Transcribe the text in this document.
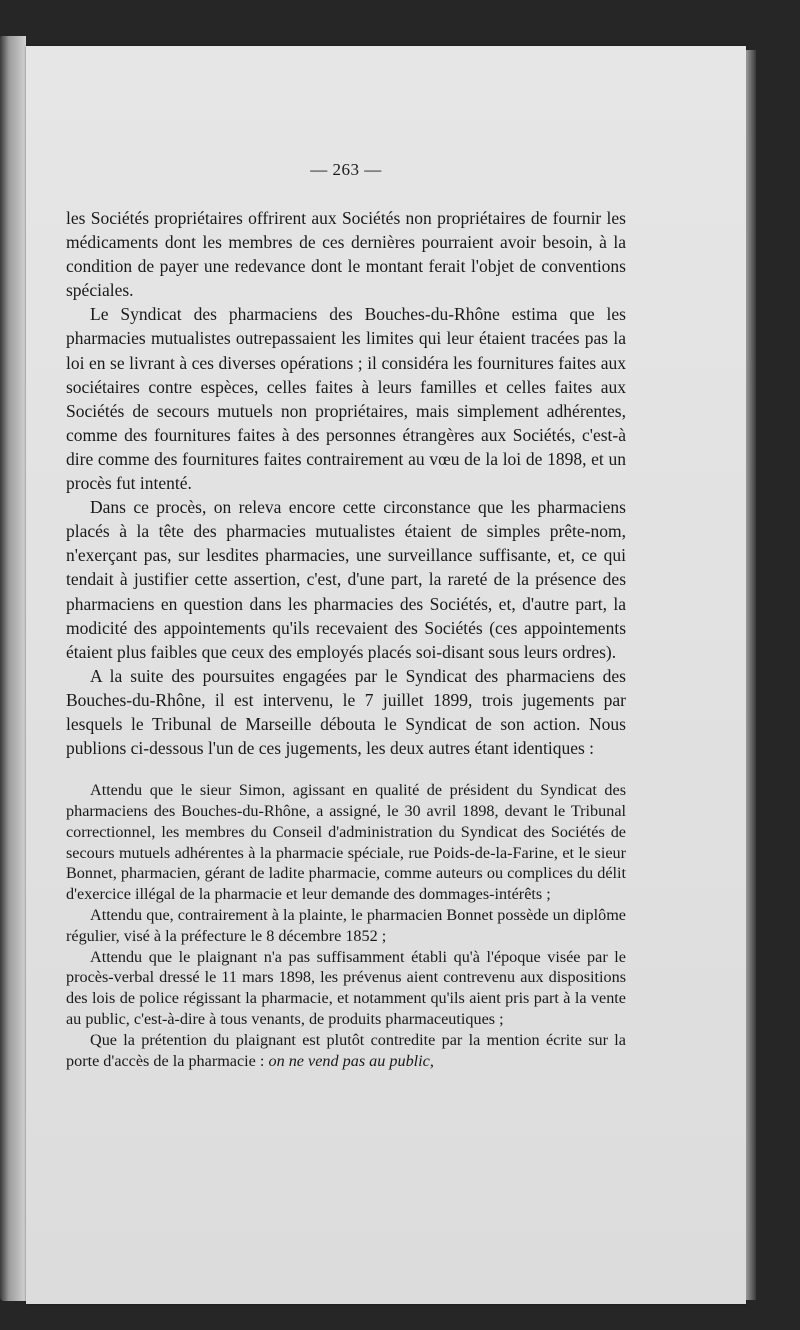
— 263 —

les Sociétés propriétaires offrirent aux Sociétés non propriétaires de fournir les médicaments dont les membres de ces dernières pourraient avoir besoin, à la condition de payer une redevance dont le montant ferait l'objet de conventions spéciales.

Le Syndicat des pharmaciens des Bouches-du-Rhône estima que les pharmacies mutualistes outrepassaient les limites qui leur étaient tracées pas la loi en se livrant à ces diverses opérations ; il considéra les fournitures faites aux sociétaires contre espèces, celles faites à leurs familles et celles faites aux Sociétés de secours mutuels non propriétaires, mais simplement adhérentes, comme des fournitures faites à des personnes étrangères aux Sociétés, c'est-à dire comme des fournitures faites contrairement au vœu de la loi de 1898, et un procès fut intenté.

Dans ce procès, on releva encore cette circonstance que les pharmaciens placés à la tête des pharmacies mutualistes étaient de simples prête-nom, n'exerçant pas, sur lesdites pharmacies, une surveillance suffisante, et, ce qui tendait à justifier cette assertion, c'est, d'une part, la rareté de la présence des pharmaciens en question dans les pharmacies des Sociétés, et, d'autre part, la modicité des appointements qu'ils recevaient des Sociétés (ces appointements étaient plus faibles que ceux des employés placés soi-disant sous leurs ordres).

A la suite des poursuites engagées par le Syndicat des pharmaciens des Bouches-du-Rhône, il est intervenu, le 7 juillet 1899, trois jugements par lesquels le Tribunal de Marseille débouta le Syndicat de son action. Nous publions ci-dessous l'un de ces jugements, les deux autres étant identiques :

Attendu que le sieur Simon, agissant en qualité de président du Syndicat des pharmaciens des Bouches-du-Rhône, a assigné, le 30 avril 1898, devant le Tribunal correctionnel, les membres du Conseil d'administration du Syndicat des Sociétés de secours mutuels adhérentes à la pharmacie spéciale, rue Poids-de-la-Farine, et le sieur Bonnet, pharmacien, gérant de ladite pharmacie, comme auteurs ou complices du délit d'exercice illégal de la pharmacie et leur demande des dommages-intérêts ;

Attendu que, contrairement à la plainte, le pharmacien Bonnet possède un diplôme régulier, visé à la préfecture le 8 décembre 1852 ;

Attendu que le plaignant n'a pas suffisamment établi qu'à l'époque visée par le procès-verbal dressé le 11 mars 1898, les prévenus aient contrevenu aux dispositions des lois de police régissant la pharmacie, et notamment qu'ils aient pris part à la vente au public, c'est-à-dire à tous venants, de produits pharmaceutiques ;

Que la prétention du plaignant est plutôt contredite par la mention écrite sur la porte d'accès de la pharmacie : on ne vend pas au public,
